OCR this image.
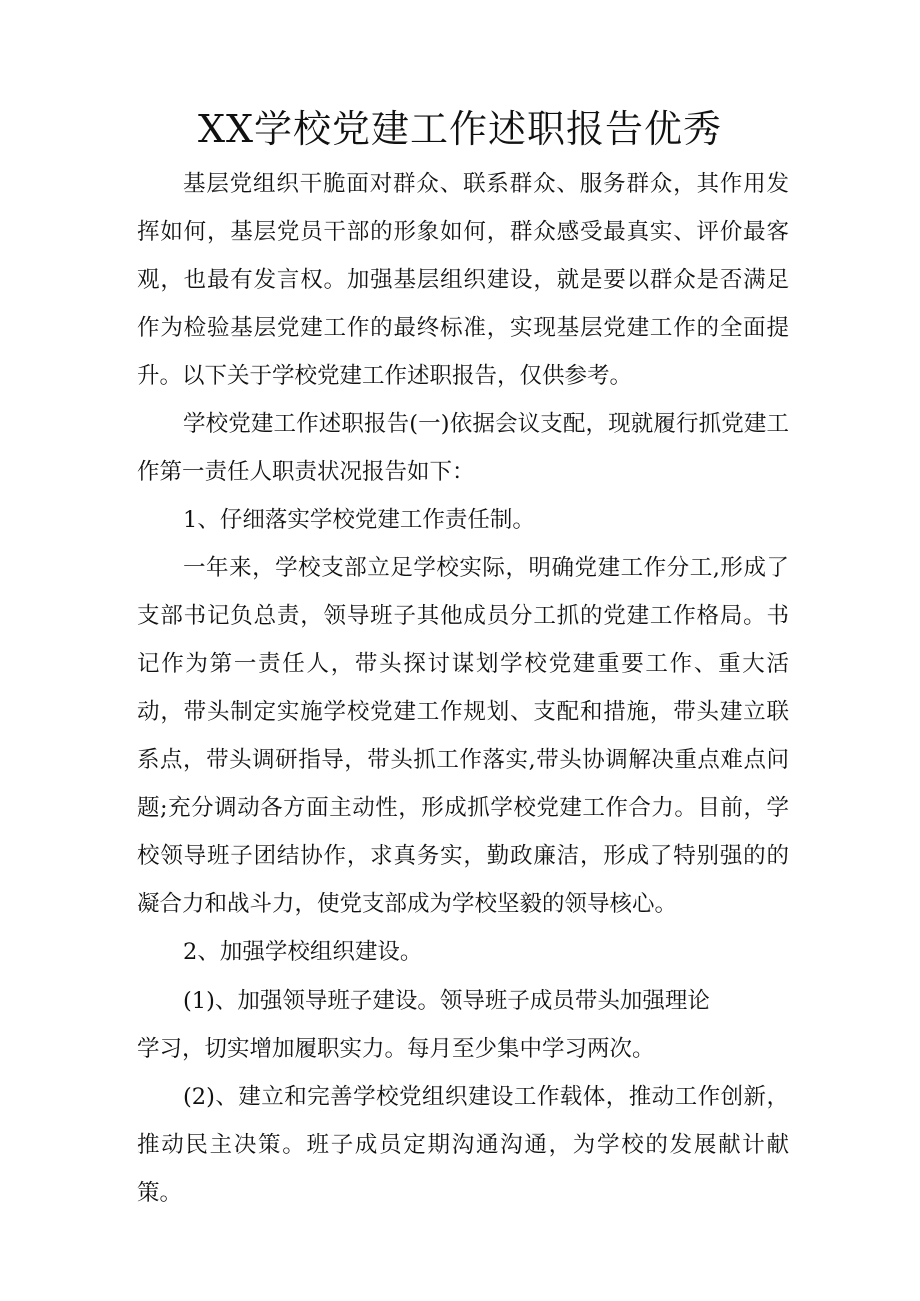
XX学校党建工作述职报告优秀

基层党组织干脆面对群众、联系群众、服务群众，其作用发挥如何，基层党员干部的形象如何，群众感受最真实、评价最客观，也最有发言权。加强基层组织建设，就是要以群众是否满足作为检验基层党建工作的最终标准，实现基层党建工作的全面提升。以下关于学校党建工作述职报告，仅供参考。

学校党建工作述职报告(一)依据会议支配，现就履行抓党建工作第一责任人职责状况报告如下：

1、仔细落实学校党建工作责任制。

一年来，学校支部立足学校实际，明确党建工作分工,形成了支部书记负总责，领导班子其他成员分工抓的党建工作格局。书记作为第一责任人，带头探讨谋划学校党建重要工作、重大活动，带头制定实施学校党建工作规划、支配和措施，带头建立联系点，带头调研指导，带头抓工作落实,带头协调解决重点难点问题;充分调动各方面主动性，形成抓学校党建工作合力。目前，学校领导班子团结协作，求真务实，勤政廉洁，形成了特别强的的凝合力和战斗力，使党支部成为学校坚毅的领导核心。

2、加强学校组织建设。

(1)、加强领导班子建设。领导班子成员带头加强理论

学习，切实增加履职实力。每月至少集中学习两次。

(2)、建立和完善学校党组织建设工作载体，推动工作创新，推动民主决策。班子成员定期沟通沟通，为学校的发展献计献策。
